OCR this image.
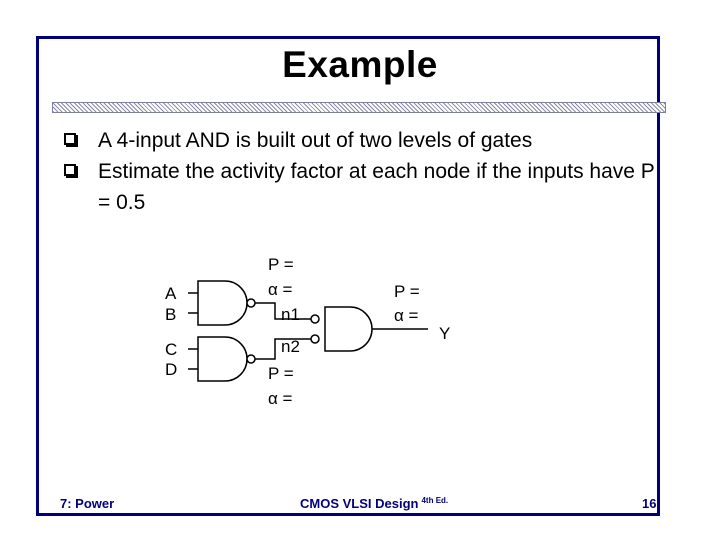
Example
A 4-input AND is built out of two levels of gates
Estimate the activity factor at each node if the inputs have P = 0.5
A
B
C
D
n1
n2
Y
P =
α =	P =
α =
P =
α =
7: Power	CMOS VLSI Design $^{4th Ed.}$	16
